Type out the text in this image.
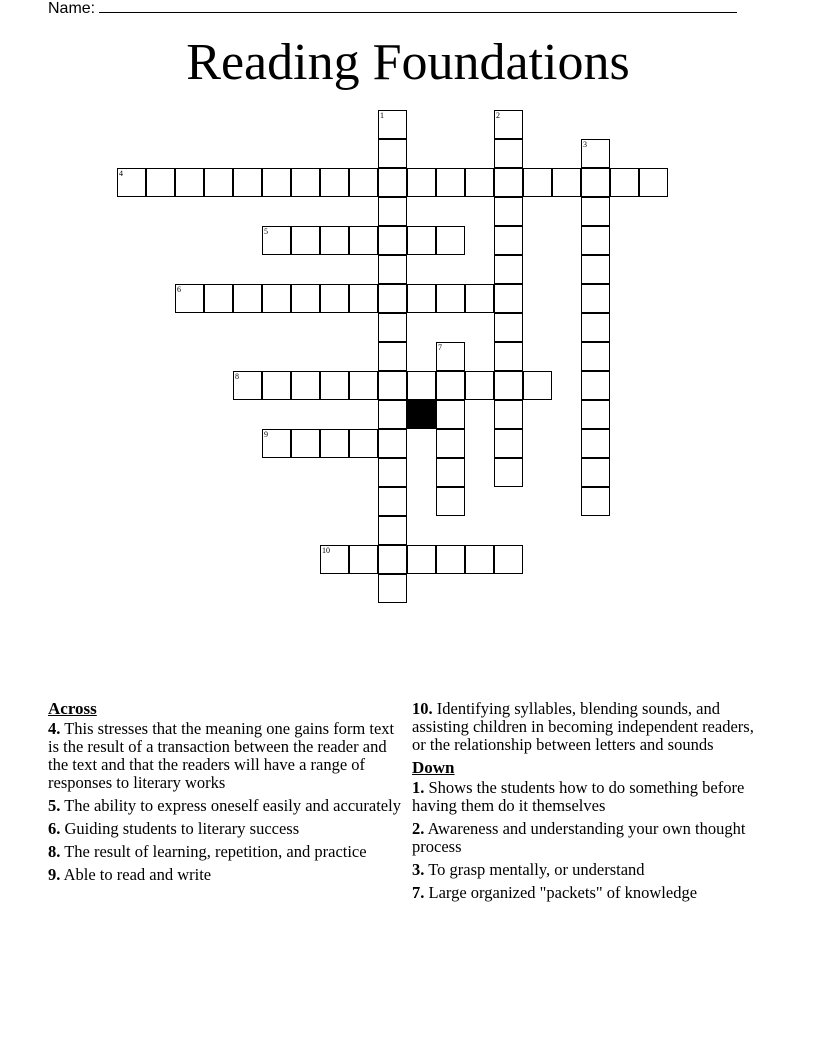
Name:
Reading Foundations
1	2
3
4
5
6
7
8
9
10
Across
4. This stresses that the meaning one gains form text is the result of a transaction between the reader and the text and that the readers will have a range of responses to literary works
5. The ability to express oneself easily and accurately
6. Guiding students to literary success
8. The result of learning, repetition, and practice
9. Able to read and write
10. Identifying syllables, blending sounds, and assisting children in becoming independent readers, or the relationship between letters and sounds
Down
1. Shows the students how to do something before having them do it themselves
2. Awareness and understanding your own thought process
3. To grasp mentally, or understand
7. Large organized "packets" of knowledge
